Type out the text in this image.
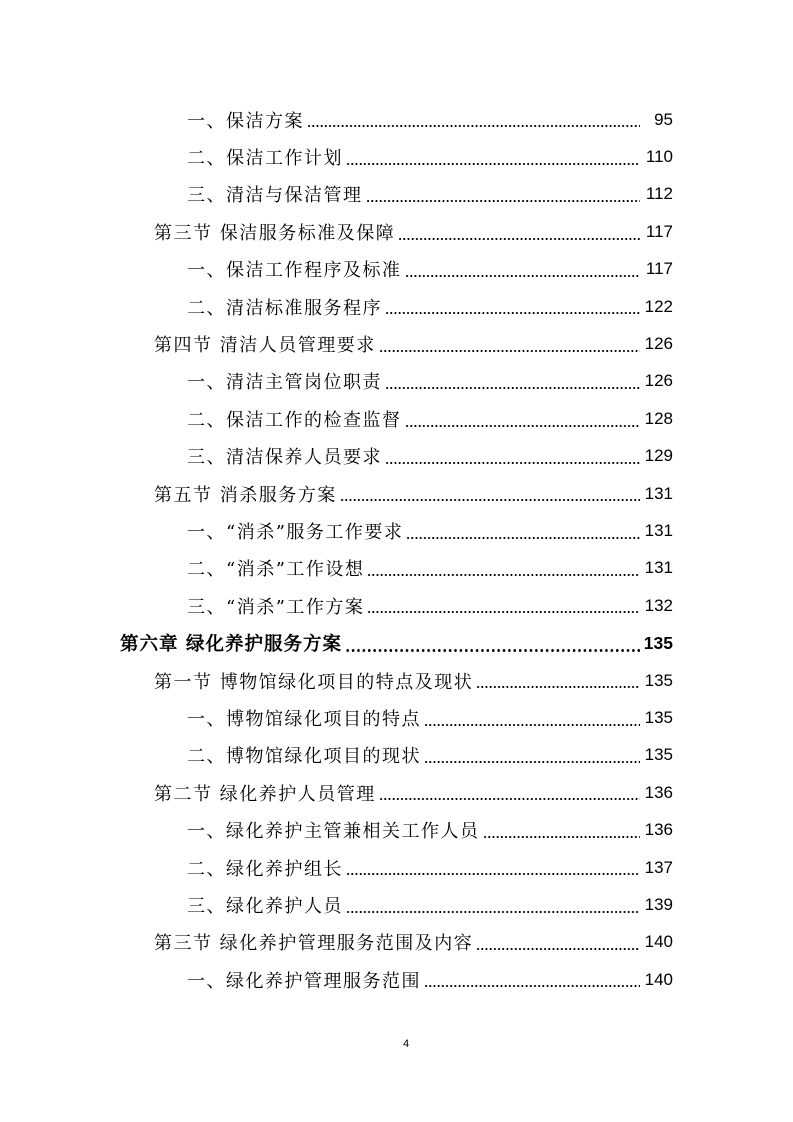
一、保洁方案	95
二、保洁工作计划	110
三、清洁与保洁管理	112
第三节 保洁服务标准及保障	117
一、保洁工作程序及标准	117
二、清洁标准服务程序	122
第四节 清洁人员管理要求	126
一、清洁主管岗位职责	126
二、保洁工作的检查监督	128
三、清洁保养人员要求	129
第五节 消杀服务方案	131
一、“消杀”服务工作要求	131
二、“消杀”工作设想	131
三、“消杀”工作方案	132
第六章 绿化养护服务方案	135
第一节 博物馆绿化项目的特点及现状	135
一、博物馆绿化项目的特点	135
二、博物馆绿化项目的现状	135
第二节 绿化养护人员管理	136
一、绿化养护主管兼相关工作人员	136
二、绿化养护组长	137
三、绿化养护人员	139
第三节 绿化养护管理服务范围及内容	140
一、绿化养护管理服务范围	140
4
